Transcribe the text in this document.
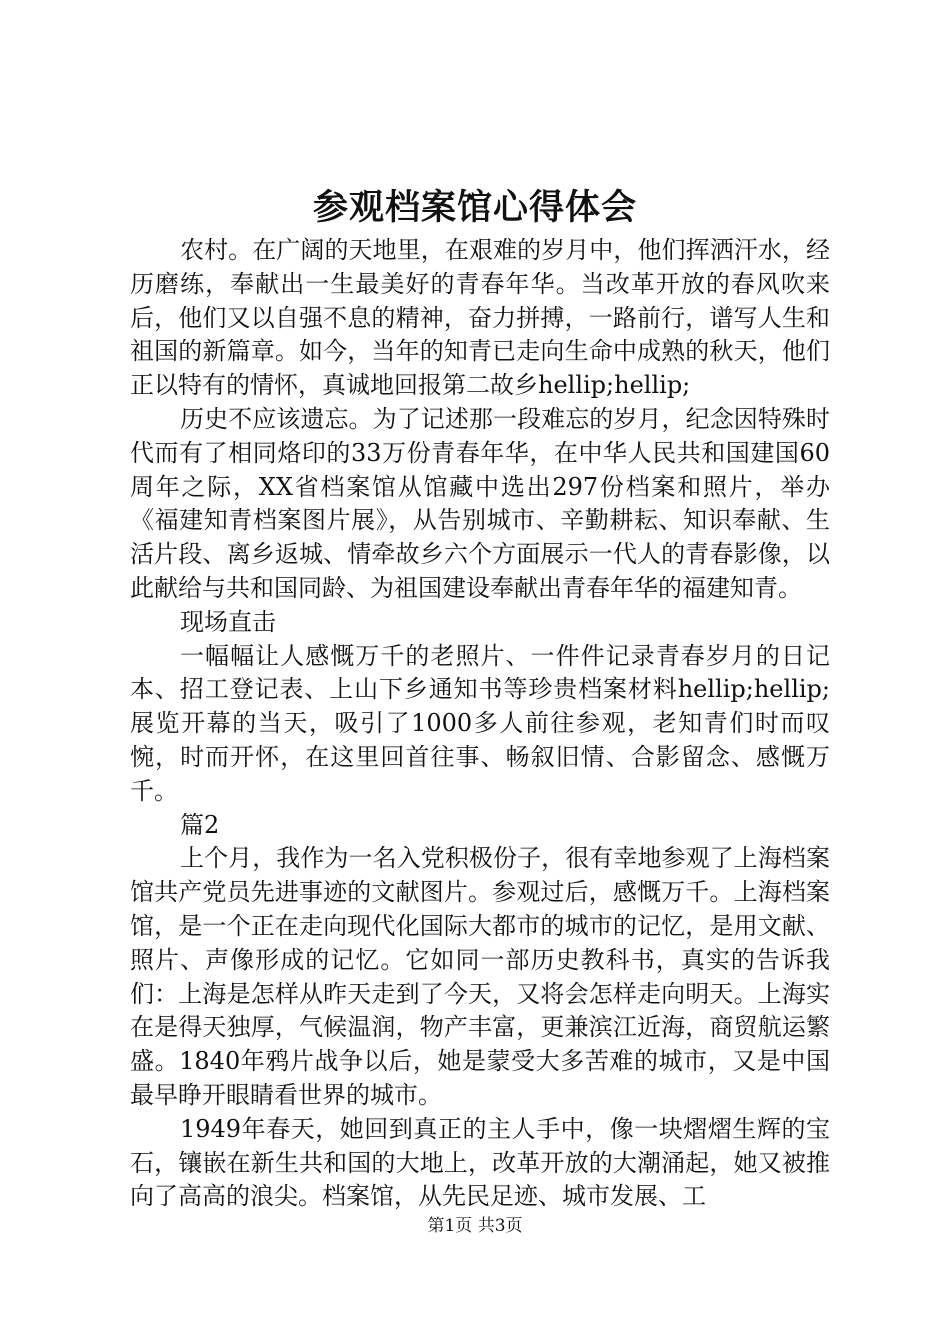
参观档案馆心得体会

农村。在广阔的天地里，在艰难的岁月中，他们挥洒汗水，经历磨练，奉献出一生最美好的青春年华。当改革开放的春风吹来后，他们又以自强不息的精神，奋力拼搏，一路前行，谱写人生和祖国的新篇章。如今，当年的知青已走向生命中成熟的秋天，他们正以特有的情怀，真诚地回报第二故乡hellip;hellip;

历史不应该遗忘。为了记述那一段难忘的岁月，纪念因特殊时代而有了相同烙印的33万份青春年华，在中华人民共和国建国60周年之际，XX省档案馆从馆藏中选出297份档案和照片，举办《福建知青档案图片展》，从告别城市、辛勤耕耘、知识奉献、生活片段、离乡返城、情牵故乡六个方面展示一代人的青春影像，以此献给与共和国同龄、为祖国建设奉献出青春年华的福建知青。

现场直击

一幅幅让人感慨万千的老照片、一件件记录青春岁月的日记本、招工登记表、上山下乡通知书等珍贵档案材料hellip;hellip;展览开幕的当天，吸引了1000多人前往参观，老知青们时而叹惋，时而开怀，在这里回首往事、畅叙旧情、合影留念、感慨万千。

篇2

上个月，我作为一名入党积极份子，很有幸地参观了上海档案馆共产党员先进事迹的文献图片。参观过后，感慨万千。上海档案馆，是一个正在走向现代化国际大都市的城市的记忆，是用文献、照片、声像形成的记忆。它如同一部历史教科书，真实的告诉我们：上海是怎样从昨天走到了今天，又将会怎样走向明天。上海实在是得天独厚，气候温润，物产丰富，更兼滨江近海，商贸航运繁盛。1840年鸦片战争以后，她是蒙受大多苦难的城市，又是中国最早睁开眼睛看世界的城市。

1949年春天，她回到真正的主人手中，像一块熠熠生辉的宝石，镶嵌在新生共和国的大地上，改革开放的大潮涌起，她又被推向了高高的浪尖。档案馆，从先民足迹、城市发展、工

第1页 共3页
